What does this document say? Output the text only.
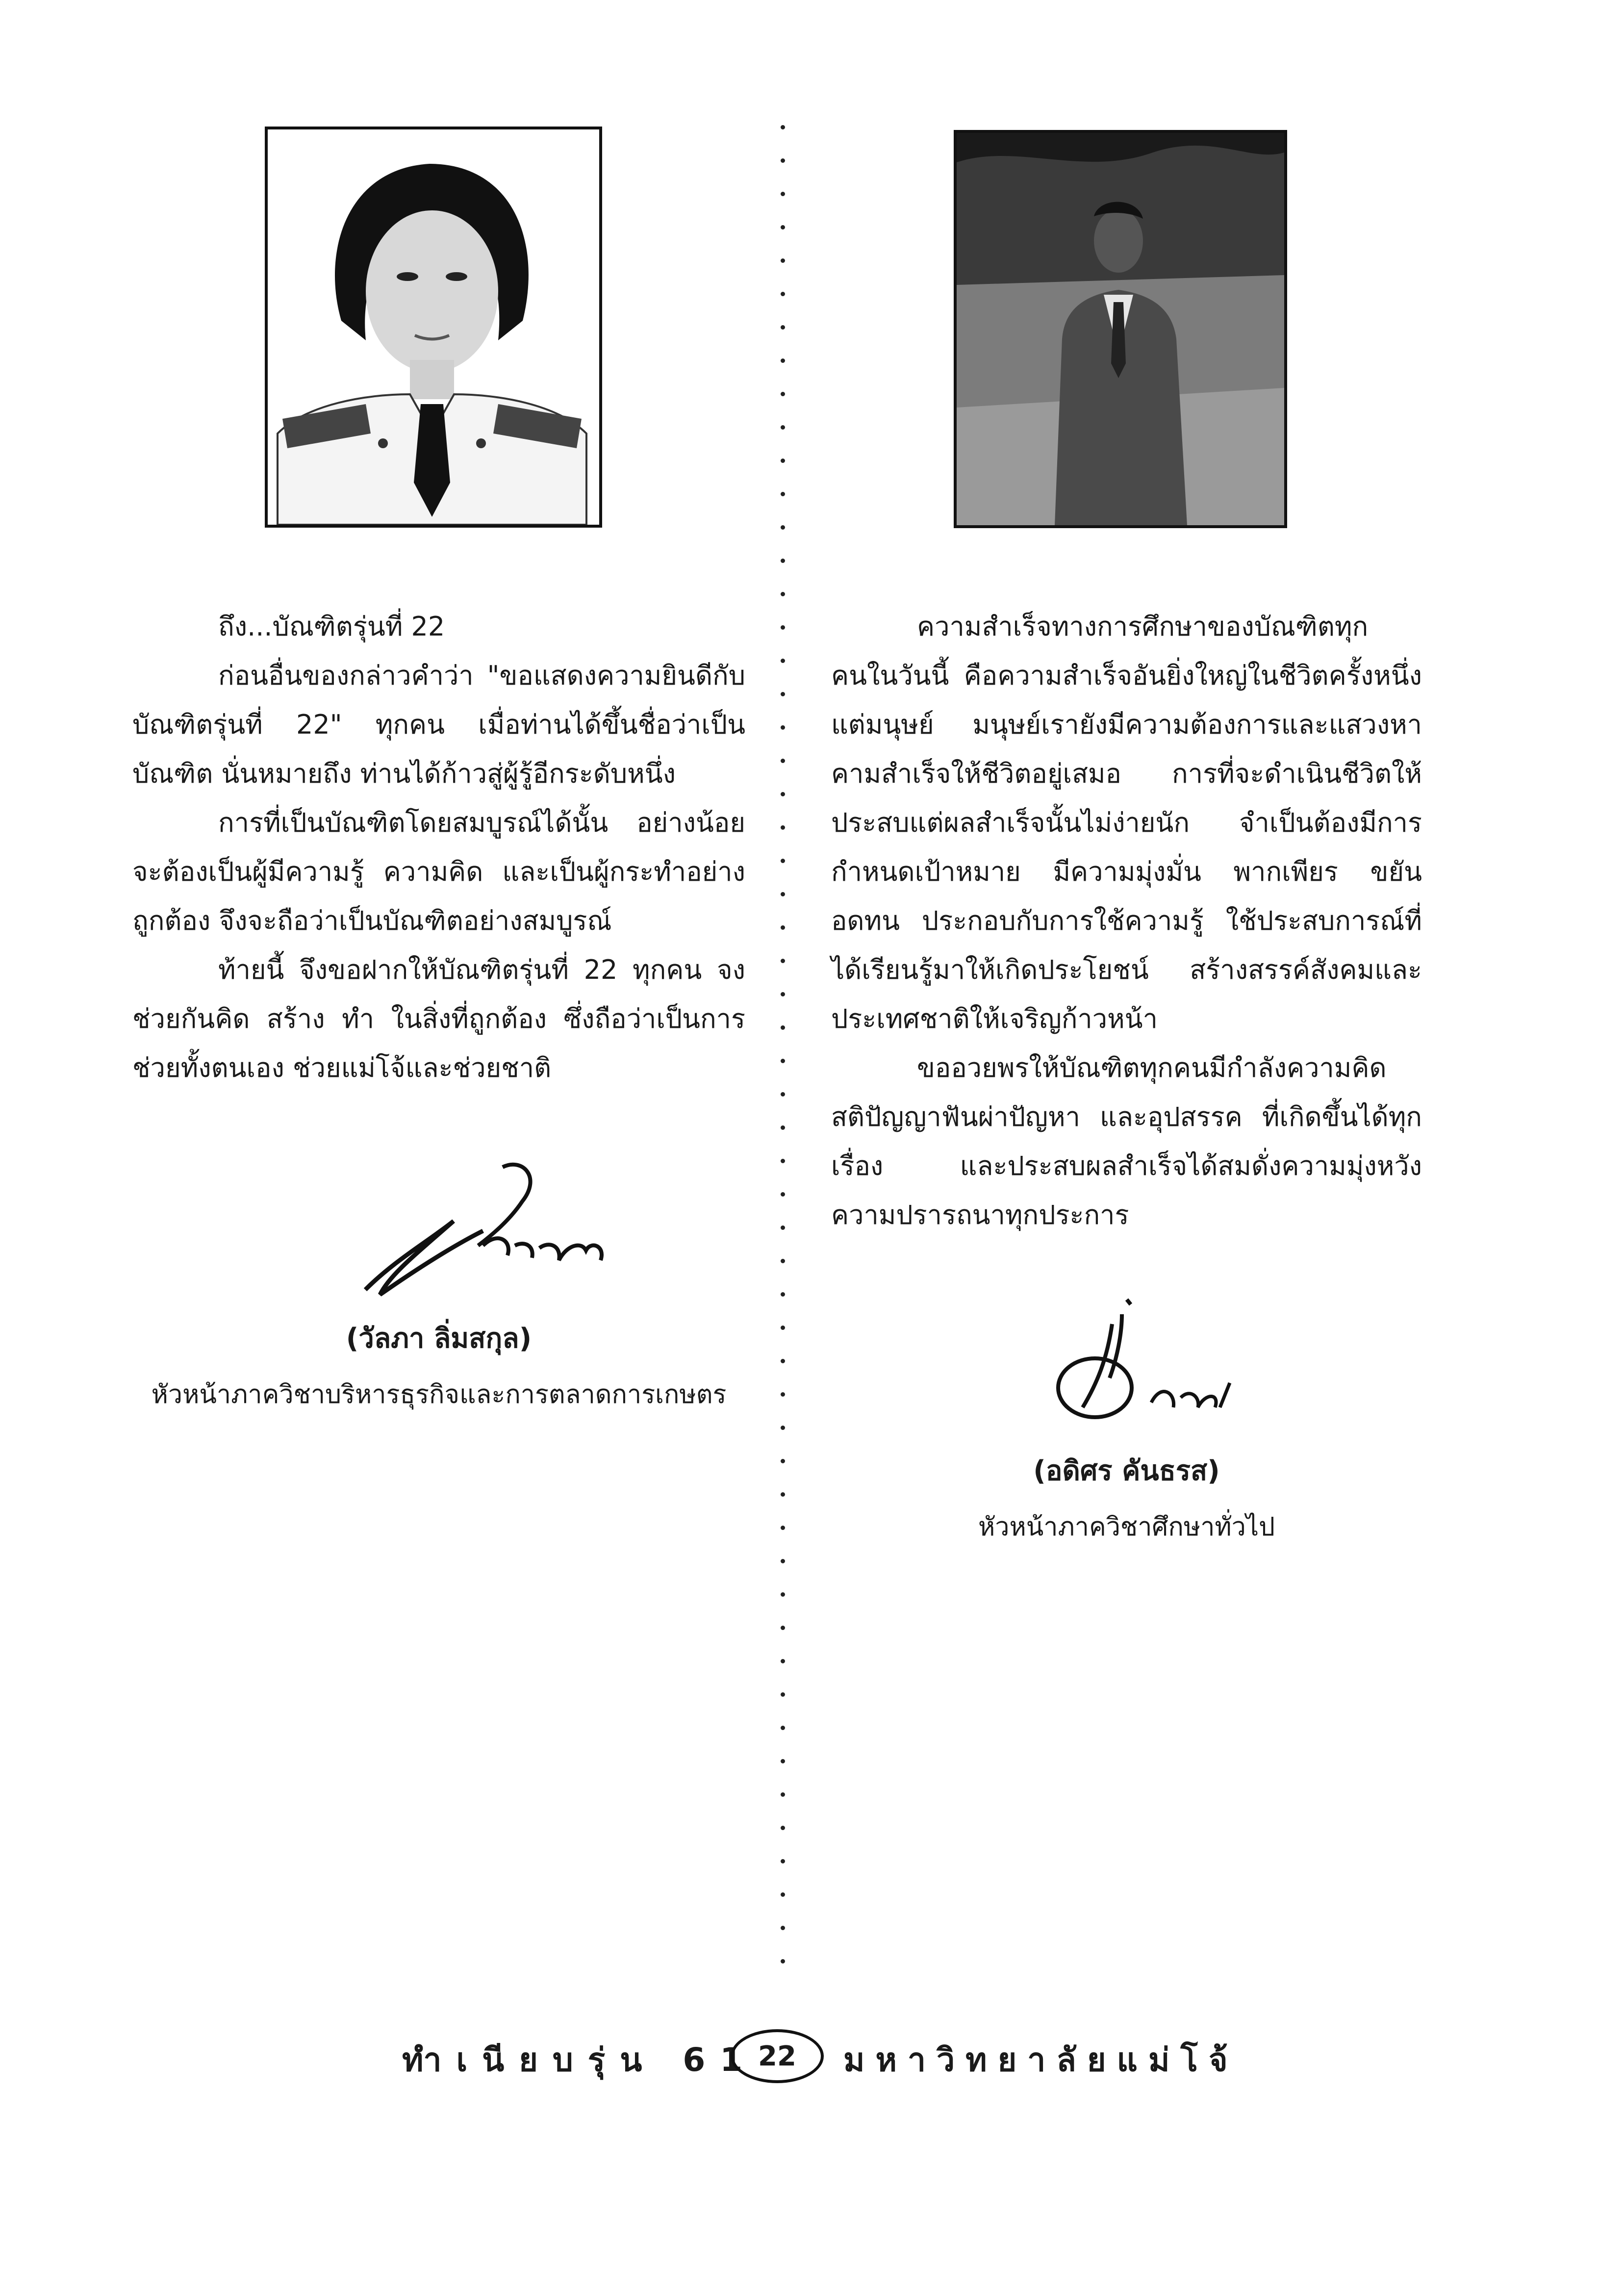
ถึง...บัณฑิตรุ่นที่ 22

ก่อนอื่นของกล่าวคำว่า "ขอแสดงความยินดีกับบัณฑิตรุ่นที่ 22" ทุกคน เมื่อท่านได้ขึ้นชื่อว่าเป็นบัณฑิต นั่นหมายถึง ท่านได้ก้าวสู่ผู้รู้อีกระดับหนึ่ง

การที่เป็นบัณฑิตโดยสมบูรณ์ได้นั้น อย่างน้อยจะต้องเป็นผู้มีความรู้ ความคิด และเป็นผู้กระทำอย่างถูกต้อง จึงจะถือว่าเป็นบัณฑิตอย่างสมบูรณ์

ท้ายนี้ จึงขอฝากให้บัณฑิตรุ่นที่ 22 ทุกคน จงช่วยกันคิด สร้าง ทำ ในสิ่งที่ถูกต้อง ซึ่งถือว่าเป็นการช่วยทั้งตนเอง ช่วยแม่โจ้และช่วยชาติ

(วัลภา ลิ่มสกุล)

หัวหน้าภาควิชาบริหารธุรกิจและการตลาดการเกษตร

ความสำเร็จทางการศึกษาของบัณฑิตทุกคนในวันนี้ คือความสำเร็จอันยิ่งใหญ่ในชีวิตครั้งหนึ่งแต่มนุษย์ มนุษย์เรายังมีความต้องการและแสวงหาคามสำเร็จให้ชีวิตอยู่เสมอ การที่จะดำเนินชีวิตให้ประสบแต่ผลสำเร็จนั้นไม่ง่ายนัก จำเป็นต้องมีการกำหนดเป้าหมาย มีความมุ่งมั่น พากเพียร ขยัน อดทน ประกอบกับการใช้ความรู้ ใช้ประสบการณ์ที่ได้เรียนรู้มาให้เกิดประโยชน์ สร้างสรรค์สังคมและประเทศชาติให้เจริญก้าวหน้า

ขออวยพรให้บัณฑิตทุกคนมีกำลังความคิด สติปัญญาฟันผ่าปัญหา และอุปสรรค ที่เกิดขึ้นได้ทุกเรื่อง และประสบผลสำเร็จได้สมดั่งความมุ่งหวัง ความปรารถนาทุกประการ

(อดิศร คันธรส)

หัวหน้าภาควิชาศึกษาทั่วไป

ทำเนียบรุ่น 61 22	มหาวิทยาลัยแม่โจ้
